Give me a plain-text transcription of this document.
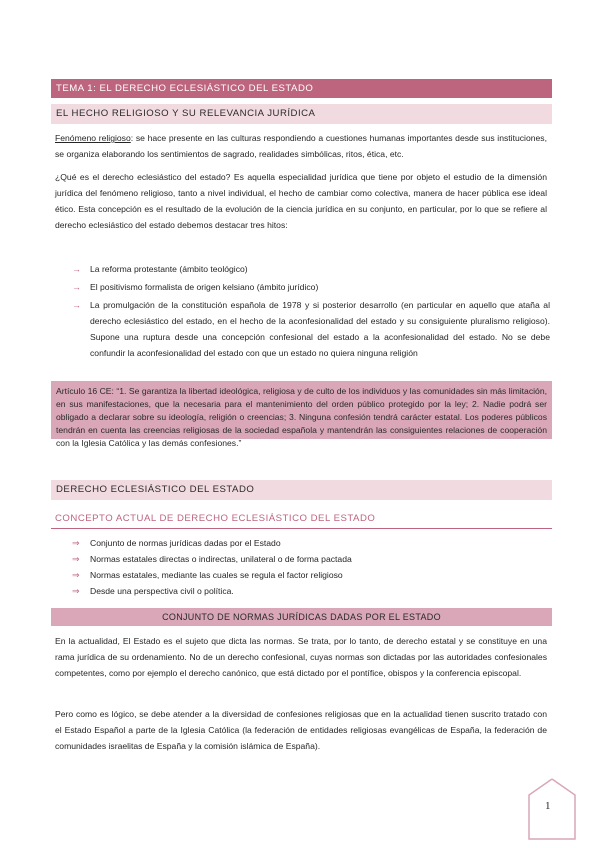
TEMA 1: EL DERECHO ECLESIÁSTICO DEL ESTADO
EL HECHO RELIGIOSO Y SU RELEVANCIA JURÍDICA

Fenómeno religioso: se hace presente en las culturas respondiendo a cuestiones humanas importantes desde sus instituciones, se organiza elaborando los sentimientos de sagrado, realidades simbólicas, ritos, ética, etc.

¿Qué es el derecho eclesiástico del estado? Es aquella especialidad jurídica que tiene por objeto el estudio de la dimensión jurídica del fenómeno religioso, tanto a nivel individual, el hecho de cambiar como colectiva, manera de hacer pública ese ideal ético. Esta concepción es el resultado de la evolución de la ciencia jurídica en su conjunto, en particular, por lo que se refiere al derecho eclesiástico del estado debemos destacar tres hitos:

→ La reforma protestante (ámbito teológico)
→ El positivismo formalista de origen kelsiano (ámbito jurídico)
→ La promulgación de la constitución española de 1978 y si posterior desarrollo (en particular en aquello que ataña al derecho eclesiástico del estado, en el hecho de la aconfesionalidad del estado y su consiguiente pluralismo religioso). Supone una ruptura desde una concepción confesional del estado a la aconfesionalidad del estado. No se debe confundir la aconfesionalidad del estado con que un estado no quiera ninguna religión
Artículo 16 CE: “1. Se garantiza la libertad ideológica, religiosa y de culto de los individuos y las comunidades sin más limitación, en sus manifestaciones, que la necesaria para el mantenimiento del orden público protegido por la ley; 2. Nadie podrá ser obligado a declarar sobre su ideología, religión o creencias; 3. Ninguna confesión tendrá carácter estatal. Los poderes públicos tendrán en cuenta las creencias religiosas de la sociedad española y mantendrán las consiguientes relaciones de cooperación con la Iglesia Católica y las demás confesiones.”
DERECHO ECLESIÁSTICO DEL ESTADO
CONCEPTO ACTUAL DE DERECHO ECLESIÁSTICO DEL ESTADO
⇒ Conjunto de normas jurídicas dadas por el Estado
⇒ Normas estatales directas o indirectas, unilateral o de forma pactada
⇒ Normas estatales, mediante las cuales se regula el factor religioso
⇒ Desde una perspectiva civil o política.
CONJUNTO DE NORMAS JURÍDICAS DADAS POR EL ESTADO

En la actualidad, El Estado es el sujeto que dicta las normas. Se trata, por lo tanto, de derecho estatal y se constituye en una rama jurídica de su ordenamiento. No de un derecho confesional, cuyas normas son dictadas por las autoridades confesionales competentes, como por ejemplo el derecho canónico, que está dictado por el pontífice, obispos y la conferencia episcopal.

Pero como es lógico, se debe atender a la diversidad de confesiones religiosas que en la actualidad tienen suscrito tratado con el Estado Español a parte de la Iglesia Católica (la federación de entidades religiosas evangélicas de España, la federación de comunidades israelitas de España y la comisión islámica de España).

1
